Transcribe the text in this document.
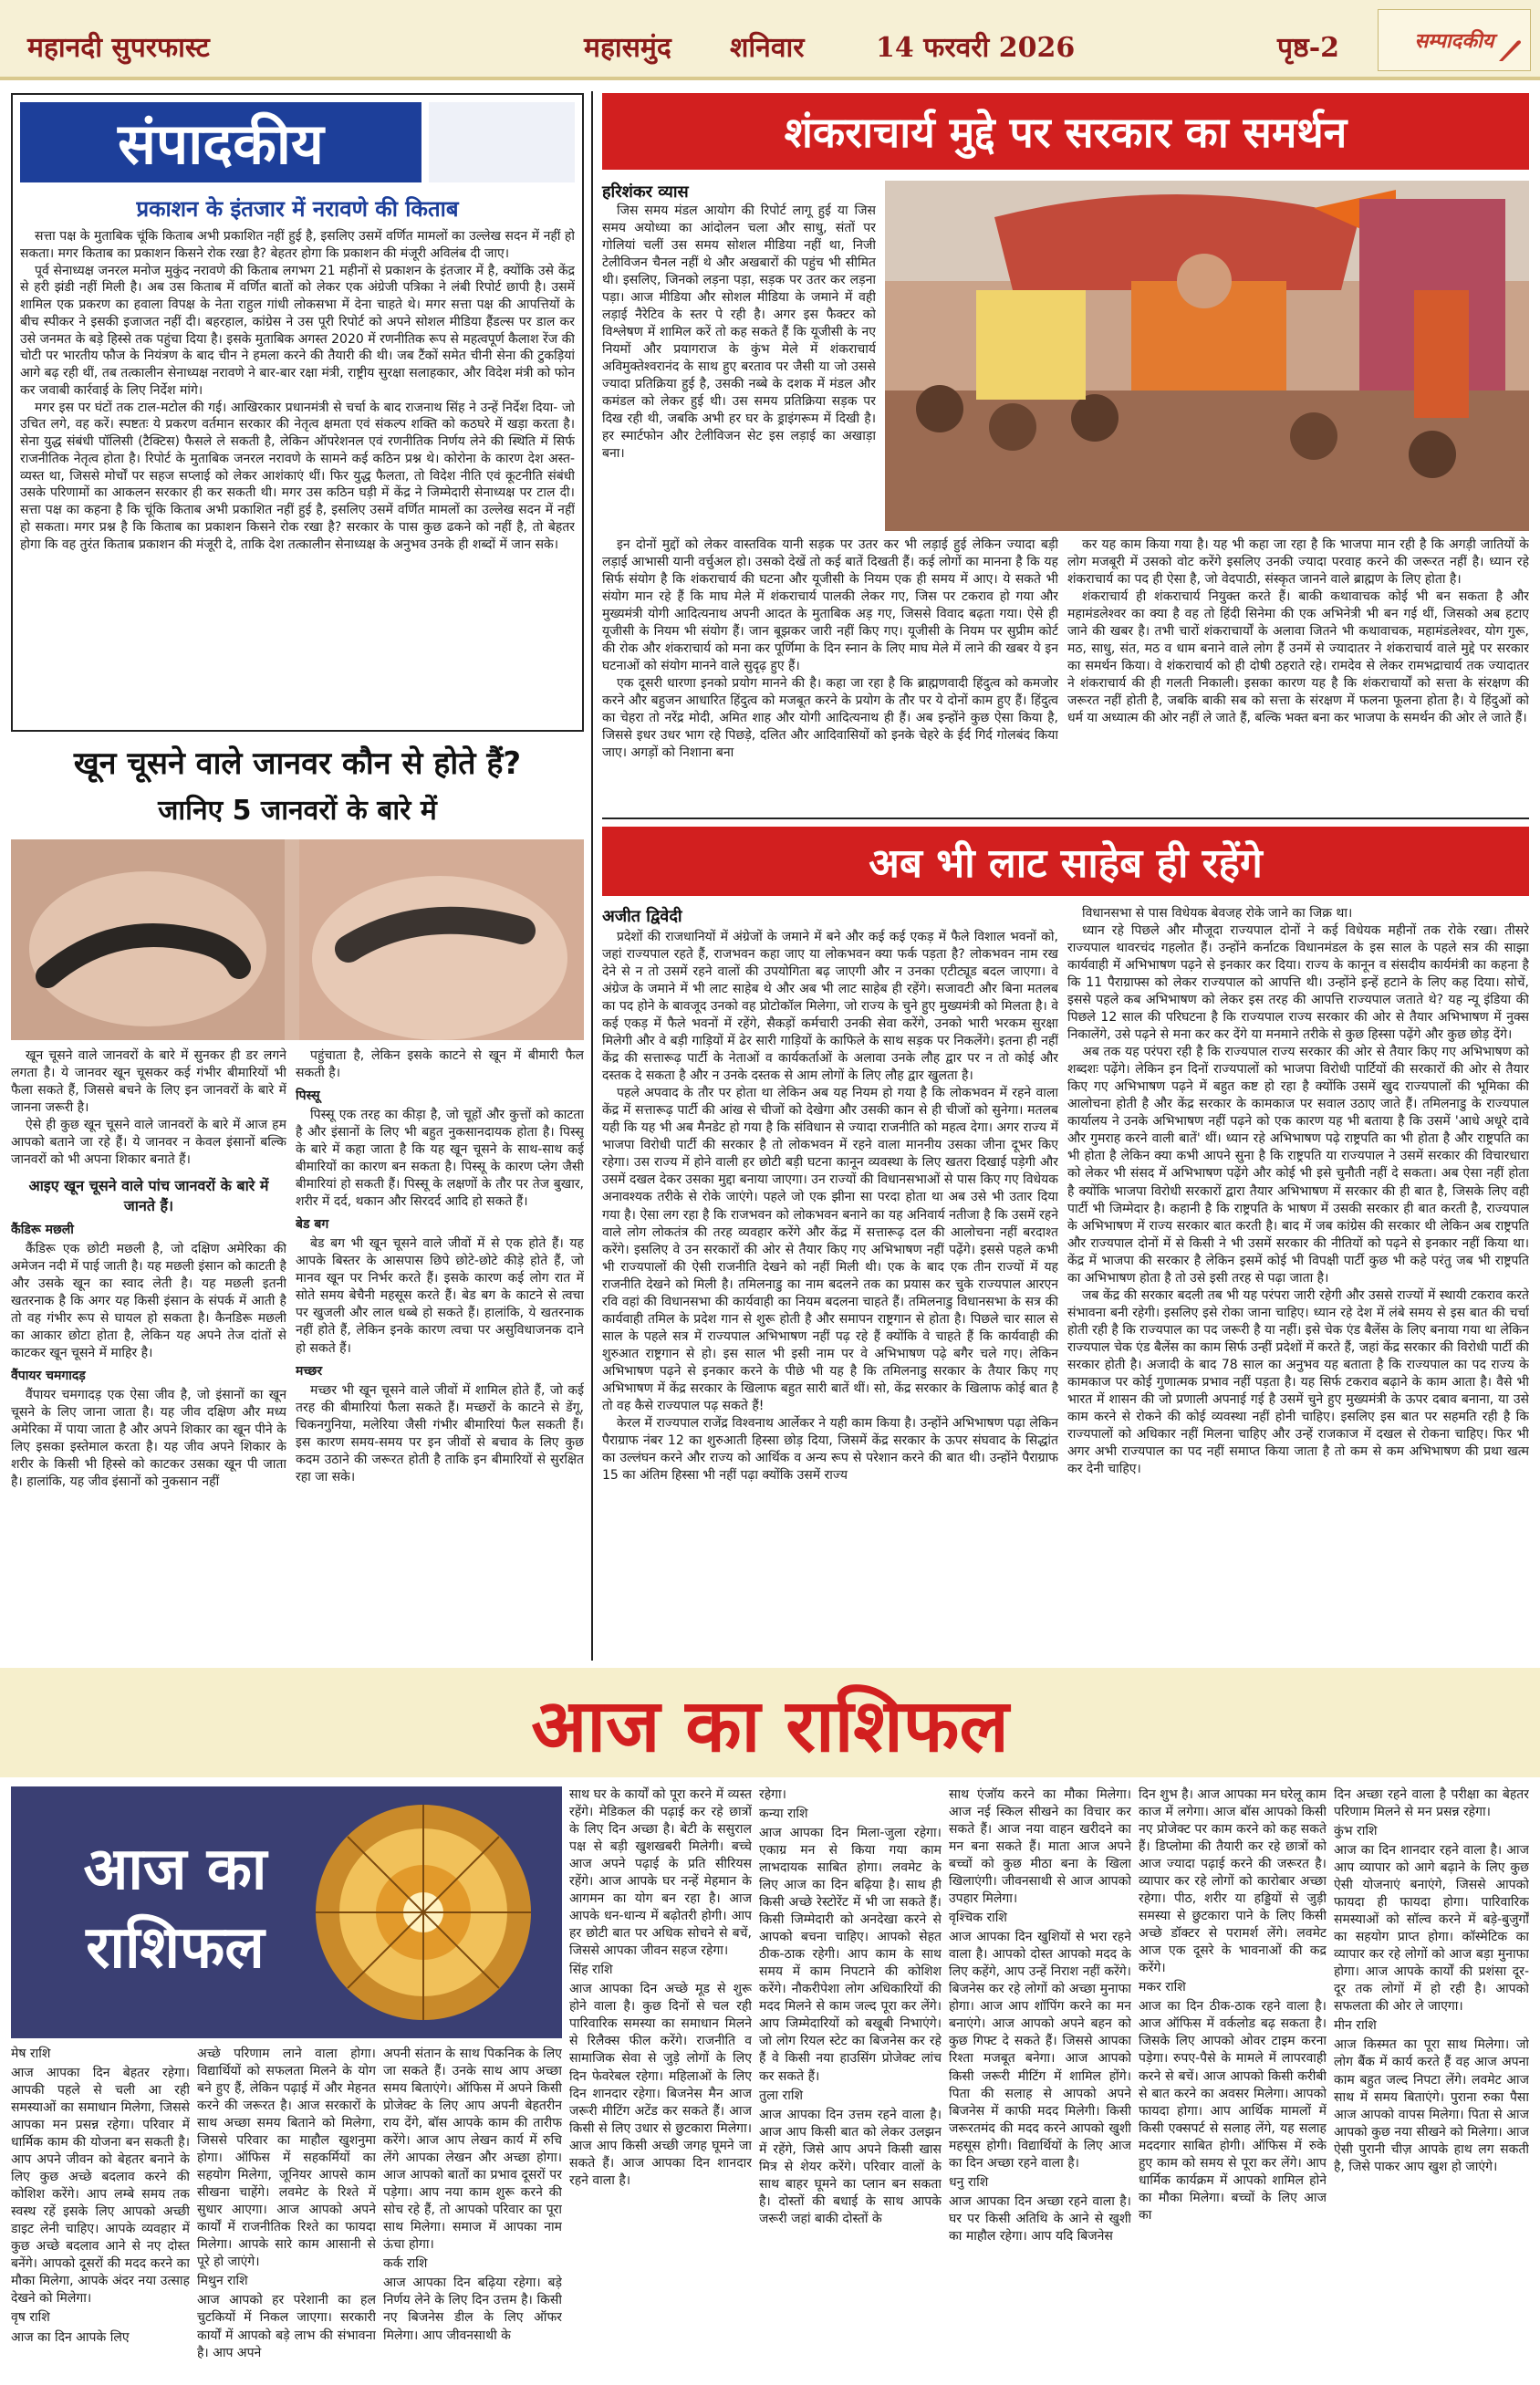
महानदी सुपरफास्ट	महासमुंद शनिवार	14 फरवरी 2026	पृष्ठ-2	सम्पादकीय
संपादकीय
प्रकाशन के इंतजार में नरावणे की किताब

सत्ता पक्ष के मुताबिक चूंकि किताब अभी प्रकाशित नहीं हुई है, इसलिए उसमें वर्णित मामलों का उल्लेख सदन में नहीं हो सकता। मगर किताब का प्रकाशन किसने रोक रखा है? बेहतर होगा कि प्रकाशन की मंजूरी अविलंब दी जाए।

पूर्व सेनाध्यक्ष जनरल मनोज मुकुंद नरावणे की किताब लगभग 21 महीनों से प्रकाशन के इंतजार में है, क्योंकि उसे केंद्र से हरी झंडी नहीं मिली है। अब उस किताब में वर्णित बातों को लेकर एक अंग्रेजी पत्रिका ने लंबी रिपोर्ट छापी है। उसमें शामिल एक प्रकरण का हवाला विपक्ष के नेता राहुल गांधी लोकसभा में देना चाहते थे। मगर सत्ता पक्ष की आपत्तियों के बीच स्पीकर ने इसकी इजाजत नहीं दी। बहरहाल, कांग्रेस ने उस पूरी रिपोर्ट को अपने सोशल मीडिया हैंडल्स पर डाल कर उसे जनमत के बड़े हिस्से तक पहुंचा दिया है। इसके मुताबिक अगस्त 2020 में रणनीतिक रूप से महत्वपूर्ण कैलाश रेंज की चोटी पर भारतीय फौज के नियंत्रण के बाद चीन ने हमला करने की तैयारी की थी। जब टैंकों समेत चीनी सेना की टुकड़ियां आगे बढ़ रही थीं, तब तत्कालीन सेनाध्यक्ष नरावणे ने बार-बार रक्षा मंत्री, राष्ट्रीय सुरक्षा सलाहकार, और विदेश मंत्री को फोन कर जवाबी कार्रवाई के लिए निर्देश मांगे।

मगर इस पर घंटों तक टाल-मटोल की गई। आखिरकार प्रधानमंत्री से चर्चा के बाद राजनाथ सिंह ने उन्हें निर्देश दिया- जो उचित लगे, वह करें। स्पष्टतः ये प्रकरण वर्तमान सरकार की नेतृत्व क्षमता एवं संकल्प शक्ति को कठघरे में खड़ा करता है। सेना युद्ध संबंधी पॉलिसी (टैक्टिस) फैसले ले सकती है, लेकिन ऑपरेशनल एवं रणनीतिक निर्णय लेने की स्थिति में सिर्फ राजनीतिक नेतृत्व होता है। रिपोर्ट के मुताबिक जनरल नरावणे के सामने कई कठिन प्रश्न थे। कोरोना के कारण देश अस्त-व्यस्त था, जिससे मोर्चों पर सहज सप्लाई को लेकर आशंकाएं थीं। फिर युद्ध फैलता, तो विदेश नीति एवं कूटनीति संबंधी उसके परिणामों का आकलन सरकार ही कर सकती थी। मगर उस कठिन घड़ी में केंद्र ने जिम्मेदारी सेनाध्यक्ष पर टाल दी। सत्ता पक्ष का कहना है कि चूंकि किताब अभी प्रकाशित नहीं हुई है, इसलिए उसमें वर्णित मामलों का उल्लेख सदन में नहीं हो सकता। मगर प्रश्न है कि किताब का प्रकाशन किसने रोक रखा है? सरकार के पास कुछ ढकने को नहीं है, तो बेहतर होगा कि वह तुरंत किताब प्रकाशन की मंजूरी दे, ताकि देश तत्कालीन सेनाध्यक्ष के अनुभव उनके ही शब्दों में जान सके।

खून चूसने वाले जानवर कौन से होते हैं?
जानिए 5 जानवरों के बारे में

खून चूसने वाले जानवरों के बारे में सुनकर ही डर लगने लगता है। ये जानवर खून चूसकर कई गंभीर बीमारियों भी फैला सकते हैं, जिससे बचने के लिए इन जानवरों के बारे में जानना जरूरी है।

ऐसे ही कुछ खून चूसने वाले जानवरों के बारे में आज हम आपको बताने जा रहे हैं। ये जानवर न केवल इंसानों बल्कि जानवरों को भी अपना शिकार बनाते हैं।

आइए खून चूसने वाले पांच जानवरों के बारे में जानते हैं।

कैंडिरू मछली

कैंडिरू एक छोटी मछली है, जो दक्षिण अमेरिका की अमेजन नदी में पाई जाती है। यह मछली इंसान को काटती है और उसके खून का स्वाद लेती है। यह मछली इतनी खतरनाक है कि अगर यह किसी इंसान के संपर्क में आती है तो वह गंभीर रूप से घायल हो सकता है। कैनडिरू मछली का आकार छोटा होता है, लेकिन यह अपने तेज दांतों से काटकर खून चूसने में माहिर है।

वैंपायर चमगादड़

वैंपायर चमगादड़ एक ऐसा जीव है, जो इंसानों का खून चूसने के लिए जाना जाता है। यह जीव दक्षिण और मध्य अमेरिका में पाया जाता है और अपने शिकार का खून पीने के लिए इसका इस्तेमाल करता है। यह जीव अपने शिकार के शरीर के किसी भी हिस्से को काटकर उसका खून पी जाता है। हालांकि, यह जीव इंसानों को नुकसान नहीं

पहुंचाता है, लेकिन इसके काटने से खून में बीमारी फैल सकती है।

पिस्सू

पिस्सू एक तरह का कीड़ा है, जो चूहों और कुत्तों को काटता है और इंसानों के लिए भी बहुत नुकसानदायक होता है। पिस्सू के बारे में कहा जाता है कि यह खून चूसने के साथ-साथ कई बीमारियों का कारण बन सकता है। पिस्सू के कारण प्लेग जैसी बीमारियां हो सकती हैं। पिस्सू के लक्षणों के तौर पर तेज बुखार, शरीर में दर्द, थकान और सिरदर्द आदि हो सकते हैं।

बेड बग

बेड बग भी खून चूसने वाले जीवों में से एक होते हैं। यह आपके बिस्तर के आसपास छिपे छोटे-छोटे कीड़े होते हैं, जो मानव खून पर निर्भर करते हैं। इसके कारण कई लोग रात में सोते समय बेचैनी महसूस करते हैं। बेड बग के काटने से त्वचा पर खुजली और लाल धब्बे हो सकते हैं। हालांकि, ये खतरनाक नहीं होते हैं, लेकिन इनके कारण त्वचा पर असुविधाजनक दाने हो सकते हैं।

मच्छर

मच्छर भी खून चूसने वाले जीवों में शामिल होते हैं, जो कई तरह की बीमारियां फैला सकते हैं। मच्छरों के काटने से डेंगू, चिकनगुनिया, मलेरिया जैसी गंभीर बीमारियां फैल सकती हैं। इस कारण समय-समय पर इन जीवों से बचाव के लिए कुछ कदम उठाने की जरूरत होती है ताकि इन बीमारियों से सुरक्षित रहा जा सके।

शंकराचार्य मुद्दे पर सरकार का समर्थन
हरिशंकर व्यास

जिस समय मंडल आयोग की रिपोर्ट लागू हुई या जिस समय अयोध्या का आंदोलन चला और साधु, संतों पर गोलियां चलीं उस समय सोशल मीडिया नहीं था, निजी टेलीविजन चैनल नहीं थे और अखबारों की पहुंच भी सीमित थी। इसलिए, जिनको लड़ना पड़ा, सड़क पर उतर कर लड़ना पड़ा। आज मीडिया और सोशल मीडिया के जमाने में वही लड़ाई नैरेटिव के स्तर पे रही है। अगर इस फैक्टर को विश्लेषण में शामिल करें तो कह सकते हैं कि यूजीसी के नए नियमों और प्रयागराज के कुंभ मेले में शंकराचार्य अविमुक्तेश्वरानंद के साथ हुए बरताव पर जैसी या जो उससे ज्यादा प्रतिक्रिया हुई है, उसकी नब्बे के दशक में मंडल और कमंडल को लेकर हुई थी। उस समय प्रतिक्रिया सड़क पर दिख रही थी, जबकि अभी हर घर के ड्राइंगरूम में दिखी है। हर स्मार्टफोन और टेलीविजन सेट इस लड़ाई का अखाड़ा बना।

इन दोनों मुद्दों को लेकर वास्तविक यानी सड़क पर उतर कर भी लड़ाई हुई लेकिन ज्यादा बड़ी लड़ाई आभासी यानी वर्चुअल हो। उसको देखें तो कई बातें दिखती हैं। कई लोगों का मानना है कि यह सिर्फ संयोग है कि शंकराचार्य की घटना और यूजीसी के नियम एक ही समय में आए। ये सकते भी संयोग मान रहे हैं कि माघ मेले में शंकराचार्य पालकी लेकर गए, जिस पर टकराव हो गया और मुख्यमंत्री योगी आदित्यनाथ अपनी आदत के मुताबिक अड़ गए, जिससे विवाद बढ़ता गया। ऐसे ही यूजीसी के नियम भी संयोग हैं। जान बूझकर जारी नहीं किए गए। यूजीसी के नियम पर सुप्रीम कोर्ट की रोक और शंकराचार्य को मना कर पूर्णिमा के दिन स्नान के लिए माघ मेले में लाने की खबर ये इन घटनाओं को संयोग मानने वाले सुदृढ़ हुए हैं।

एक दूसरी धारणा इनको प्रयोग मानने की है। कहा जा रहा है कि ब्राह्मणवादी हिंदुत्व को कमजोर करने और बहुजन आधारित हिंदुत्व को मजबूत करने के प्रयोग के तौर पर ये दोनों काम हुए हैं। हिंदुत्व का चेहरा तो नरेंद्र मोदी, अमित शाह और योगी आदित्यनाथ ही हैं। अब इन्होंने कुछ ऐसा किया है, जिससे इधर उधर भाग रहे पिछड़े, दलित और आदिवासियों को इनके चेहरे के ईर्द गिर्द गोलबंद किया जाए। अगड़ों को निशाना बना

कर यह काम किया गया है। यह भी कहा जा रहा है कि भाजपा मान रही है कि अगड़ी जातियों के लोग मजबूरी में उसको वोट करेंगे इसलिए उनकी ज्यादा परवाह करने की जरूरत नहीं है। ध्यान रहे शंकराचार्य का पद ही ऐसा है, जो वेदपाठी, संस्कृत जानने वाले ब्राह्मण के लिए होता है।

शंकराचार्य ही शंकराचार्य नियुक्त करते हैं। बाकी कथावाचक कोई भी बन सकता है और महामंडलेश्वर का क्या है वह तो हिंदी सिनेमा की एक अभिनेत्री भी बन गई थीं, जिसको अब हटाए जाने की खबर है। तभी चारों शंकराचार्यों के अलावा जितने भी कथावाचक, महामंडलेश्वर, योग गुरू, मठ, साधु, संत, मठ व धाम बनाने वाले लोग हैं उनमें से ज्यादातर ने शंकराचार्य वाले मुद्दे पर सरकार का समर्थन किया। वे शंकराचार्य को ही दोषी ठहराते रहे। रामदेव से लेकर रामभद्राचार्य तक ज्यादातर ने शंकराचार्य की ही गलती निकाली। इसका कारण यह है कि शंकराचार्यों को सत्ता के संरक्षण की जरूरत नहीं होती है, जबकि बाकी सब को सत्ता के संरक्षण में फलना फूलना होता है। ये हिंदुओं को धर्म या अध्यात्म की ओर नहीं ले जाते हैं, बल्कि भक्त बना कर भाजपा के समर्थन की ओर ले जाते हैं।

अब भी लाट साहेब ही रहेंगे
अजीत द्विवेदी

प्रदेशों की राजधानियों में अंग्रेजों के जमाने में बने और कई कई एकड़ में फैले विशाल भवनों को, जहां राज्यपाल रहते हैं, राजभवन कहा जाए या लोकभवन क्या फर्क पड़ता है? लोकभवन नाम रख देने से न तो उसमें रहने वालों की उपयोगिता बढ़ जाएगी और न उनका एटीट्यूड बदल जाएगा। वे अंग्रेज के जमाने में भी लाट साहेब थे और अब भी लाट साहेब ही रहेंगे। सजावटी और बिना मतलब का पद होने के बावजूद उनको वह प्रोटोकॉल मिलेगा, जो राज्य के चुने हुए मुख्यमंत्री को मिलता है। वे कई एकड़ में फैले भवनों में रहेंगे, सैकड़ों कर्मचारी उनकी सेवा करेंगे, उनको भारी भरकम सुरक्षा मिलेगी और वे बड़ी गाड़ियों में ढेर सारी गाड़ियों के काफिले के साथ सड़क पर निकलेंगे। इतना ही नहीं केंद्र की सत्तारूढ़ पार्टी के नेताओं व कार्यकर्ताओं के अलावा उनके लौह द्वार पर न तो कोई और दस्तक दे सकता है और न उनके दस्तक से आम लोगों के लिए लौह द्वार खुलता है।

पहले अपवाद के तौर पर होता था लेकिन अब यह नियम हो गया है कि लोकभवन में रहने वाला केंद्र में सत्तारूढ़ पार्टी की आंख से चीजों को देखेगा और उसकी कान से ही चीजों को सुनेगा। मतलब यही कि यह भी अब मैनडेट हो गया है कि संविधान से ज्यादा राजनीति को महत्व देगा। अगर राज्य में भाजपा विरोधी पार्टी की सरकार है तो लोकभवन में रहने वाला माननीय उसका जीना दूभर किए रहेगा। उस राज्य में होने वाली हर छोटी बड़ी घटना कानून व्यवस्था के लिए खतरा दिखाई पड़ेगी और उसमें दखल देकर उसका मुद्दा बनाया जाएगा। उन राज्यों की विधानसभाओं से पास किए गए विधेयक अनावश्यक तरीके से रोके जाएंगे। पहले जो एक झीना सा परदा होता था अब उसे भी उतार दिया गया है। ऐसा लग रहा है कि राजभवन को लोकभवन बनाने का यह अनिवार्य नतीजा है कि उसमें रहने वाले लोग लोकतंत्र की तरह व्यवहार करेंगे और केंद्र में सत्तारूढ़ दल की आलोचना नहीं बरदाश्त करेंगे। इसलिए वे उन सरकारों की ओर से तैयार किए गए अभिभाषण नहीं पढ़ेंगे। इससे पहले कभी भी राज्यपालों की ऐसी राजनीति देखने को नहीं मिली थी। एक के बाद एक तीन राज्यों में यह राजनीति देखने को मिली है। तमिलनाडु का नाम बदलने तक का प्रयास कर चुके राज्यपाल आरएन रवि वहां की विधानसभा की कार्यवाही का नियम बदलना चाहते हैं। तमिलनाडु विधानसभा के सत्र की कार्यवाही तमिल के प्रदेश गान से शुरू होती है और समापन राष्ट्रगान से होता है। पिछले चार साल से साल के पहले सत्र में राज्यपाल अभिभाषण नहीं पढ़ रहे हैं क्योंकि वे चाहते हैं कि कार्यवाही की शुरुआत राष्ट्रगान से हो। इस साल भी इसी नाम पर वे अभिभाषण पढ़े बगैर चले गए। लेकिन अभिभाषण पढ़ने से इनकार करने के पीछे भी यह है कि तमिलनाडु सरकार के तैयार किए गए अभिभाषण में केंद्र सरकार के खिलाफ बहुत सारी बातें थीं। सो, केंद्र सरकार के खिलाफ कोई बात है तो वह कैसे राज्यपाल पढ़ सकते हैं!

केरल में राज्यपाल राजेंद्र विश्वनाथ आर्लेकर ने यही काम किया है। उन्होंने अभिभाषण पढ़ा लेकिन पैराग्राफ नंबर 12 का शुरुआती हिस्सा छोड़ दिया, जिसमें केंद्र सरकार के ऊपर संघवाद के सिद्धांत का उल्लंघन करने और राज्य को आर्थिक व अन्य रूप से परेशान करने की बात थी। उन्होंने पैराग्राफ 15 का अंतिम हिस्सा भी नहीं पढ़ा क्योंकि उसमें राज्य

विधानसभा से पास विधेयक बेवजह रोके जाने का जिक्र था।

ध्यान रहे पिछले और मौजूदा राज्यपाल दोनों ने कई विधेयक महीनों तक रोके रखा। तीसरे राज्यपाल थावरचंद गहलोत हैं। उन्होंने कर्नाटक विधानमंडल के इस साल के पहले सत्र की साझा कार्यवाही में अभिभाषण पढ़ने से इनकार कर दिया। राज्य के कानून व संसदीय कार्यमंत्री का कहना है कि 11 पैराग्राफ्स को लेकर राज्यपाल को आपत्ति थी। उन्होंने इन्हें हटाने के लिए कह दिया। सोचें, इससे पहले कब अभिभाषण को लेकर इस तरह की आपत्ति राज्यपाल जताते थे? यह न्यू इंडिया की पिछले 12 साल की परिघटना है कि राज्यपाल राज्य सरकार की ओर से तैयार अभिभाषण में नुक्स निकालेंगे, उसे पढ़ने से मना कर कर देंगे या मनमाने तरीके से कुछ हिस्सा पढ़ेंगे और कुछ छोड़ देंगे।

अब तक यह परंपरा रही है कि राज्यपाल राज्य सरकार की ओर से तैयार किए गए अभिभाषण को शब्दशः पढ़ेंगे। लेकिन इन दिनों राज्यपालों को भाजपा विरोधी पार्टियों की सरकारों की ओर से तैयार किए गए अभिभाषण पढ़ने में बहुत कष्ट हो रहा है क्योंकि उसमें खुद राज्यपालों की भूमिका की आलोचना होती है और केंद्र सरकार के कामकाज पर सवाल उठाए जाते हैं। तमिलनाडु के राज्यपाल कार्यालय ने उनके अभिभाषण नहीं पढ़ने को एक कारण यह भी बताया है कि उसमें 'आधे अधूरे दावे और गुमराह करने वाली बातें' थीं। ध्यान रहे अभिभाषण पढ़े राष्ट्रपति का भी होता है और राष्ट्रपति का भी होता है लेकिन क्या कभी आपने सुना है कि राष्ट्रपति या राज्यपाल ने उसमें सरकार की विचारधारा को लेकर भी संसद में अभिभाषण पढ़ेंगे और कोई भी इसे चुनौती नहीं दे सकता। अब ऐसा नहीं होता है क्योंकि भाजपा विरोधी सरकारों द्वारा तैयार अभिभाषण में सरकार की ही बात है, जिसके लिए वही पार्टी भी जिम्मेदार है। कहानी है कि राष्ट्रपति के भाषण में उसकी सरकार ही बात करती है, राज्यपाल के अभिभाषण में राज्य सरकार बात करती है। बाद में जब कांग्रेस की सरकार थी लेकिन अब राष्ट्रपति और राज्यपाल दोनों में से किसी ने भी उसमें सरकार की नीतियों को पढ़ने से इनकार नहीं किया था। केंद्र में भाजपा की सरकार है लेकिन इसमें कोई भी विपक्षी पार्टी कुछ भी कहे परंतु जब भी राष्ट्रपति का अभिभाषण होता है तो उसे इसी तरह से पढ़ा जाता है।

जब केंद्र की सरकार बदली तब भी यह परंपरा जारी रहेगी और उससे राज्यों में स्थायी टकराव करते संभावना बनी रहेगी। इसलिए इसे रोका जाना चाहिए। ध्यान रहे देश में लंबे समय से इस बात की चर्चा होती रही है कि राज्यपाल का पद जरूरी है या नहीं। इसे चेक एंड बैलेंस के लिए बनाया गया था लेकिन राज्यपाल चेक एंड बैलेंस का काम सिर्फ उन्हीं प्रदेशों में करते हैं, जहां केंद्र सरकार की विरोधी पार्टी की सरकार होती है। अजादी के बाद 78 साल का अनुभव यह बताता है कि राज्यपाल का पद राज्य के कामकाज पर कोई गुणात्मक प्रभाव नहीं पड़ता है। यह सिर्फ टकराव बढ़ाने के काम आता है। वैसे भी भारत में शासन की जो प्रणाली अपनाई गई है उसमें चुने हुए मुख्यमंत्री के ऊपर दबाव बनाना, या उसे काम करने से रोकने की कोई व्यवस्था नहीं होनी चाहिए। इसलिए इस बात पर सहमति रही है कि राज्यपालों को अधिकार नहीं मिलना चाहिए और उन्हें राजकाज में दखल से रोकना चाहिए। फिर भी अगर अभी राज्यपाल का पद नहीं समाप्त किया जाता है तो कम से कम अभिभाषण की प्रथा खत्म कर देनी चाहिए।

आज का राशिफल
आज का
राशिफल

मेष राशि

आज आपका दिन बेहतर रहेगा। आपकी पहले से चली आ रही समस्याओं का समाधान मिलेगा, जिससे आपका मन प्रसन्न रहेगा। परिवार में धार्मिक काम की योजना बन सकती है। आप अपने जीवन को बेहतर बनाने के लिए कुछ अच्छे बदलाव करने की कोशिश करेंगे। आप लम्बे समय तक स्वस्थ रहें इसके लिए आपको अच्छी डाइट लेनी चाहिए। आपके व्यवहार में कुछ अच्छे बदलाव आने से नए दोस्त बनेंगे। आपको दूसरों की मदद करने का मौका मिलेगा, आपके अंदर नया उत्साह देखने को मिलेगा।

वृष राशि

आज का दिन आपके लिए

अच्छे परिणाम लाने वाला होगा। विद्यार्थियों को सफलता मिलने के योग बने हुए हैं, लेकिन पढ़ाई में और मेहनत करने की जरूरत है। आज सरकारों के साथ अच्छा समय बिताने को मिलेगा, जिससे परिवार का माहौल खुशनुमा होगा। ऑफिस में सहकर्मियों का सहयोग मिलेगा, जूनियर आपसे काम सीखना चाहेंगे। लवमेट के रिश्ते में सुधार आएगा। आज आपको अपने कार्यों में राजनीतिक रिश्ते का फायदा मिलेगा। आपके सारे काम आसानी से पूरे हो जाएंगे।

मिथुन राशि

आज आपको हर परेशानी का हल चुटकियों में निकल जाएगा। सरकारी कार्यों में आपको बड़े लाभ की संभावना है। आप अपने

अपनी संतान के साथ पिकनिक के लिए जा सकते हैं। उनके साथ आप अच्छा समय बिताएंगे। ऑफिस में अपने किसी प्रोजेक्ट के लिए आप अपनी बेहतरीन राय देंगे, बॉस आपके काम की तारीफ करेंगे। आज आप लेखन कार्य में रुचि लेंगे आपका लेखन और अच्छा होगा। आज आपको बातों का प्रभाव दूसरों पर पड़ेगा। आप नया काम शुरू करने की सोच रहे हैं, तो आपको परिवार का पूरा साथ मिलेगा। समाज में आपका नाम ऊंचा होगा।

कर्क राशि

आज आपका दिन बढ़िया रहेगा। बड़े निर्णय लेने के लिए दिन उत्तम है। किसी नए बिजनेस डील के लिए ऑफर मिलेगा। आप जीवनसाथी के

साथ घर के कार्यों को पूरा करने में व्यस्त रहेंगे। मेडिकल की पढ़ाई कर रहे छात्रों के लिए दिन अच्छा है। बेटी के ससुराल पक्ष से बड़ी खुशखबरी मिलेगी। बच्चे आज अपने पढ़ाई के प्रति सीरियस रहेंगे। आज आपके घर नन्हें मेहमान के आगमन का योग बन रहा है। आज आपके धन-धान्य में बढ़ोतरी होगी। आप हर छोटी बात पर अधिक सोचने से बचें, जिससे आपका जीवन सहज रहेगा।

सिंह राशि

आज आपका दिन अच्छे मूड से शुरू होने वाला है। कुछ दिनों से चल रही पारिवारिक समस्या का समाधान मिलने से रिलैक्स फील करेंगे। राजनीति व सामाजिक सेवा से जुड़े लोगों के लिए दिन फेवरेबल रहेगा। महिलाओं के लिए दिन शानदार रहेगा। बिजनेस मैन आज जरूरी मीटिंग अटेंड कर सकते हैं। आज किसी से लिए उधार से छुटकारा मिलेगा। आज आप किसी अच्छी जगह घूमने जा सकते हैं। आज आपका दिन शानदार रहने वाला है।

रहेगा।

कन्या राशि

आज आपका दिन मिला-जुला रहेगा। एकाग्र मन से किया गया काम लाभदायक साबित होगा। लवमेट के लिए आज का दिन बढ़िया है। साथ ही किसी अच्छे रेस्टोरेंट में भी जा सकते हैं। किसी जिम्मेदारी को अनदेखा करने से आपको बचना चाहिए। आपको सेहत ठीक-ठाक रहेगी। आप काम के साथ समय में काम निपटाने की कोशिश करेंगे। नौकरीपेशा लोग अधिकारियों की मदद मिलने से काम जल्द पूरा कर लेंगे। आप जिम्मेदारियों को बखूबी निभाएंगे। जो लोग रियल स्टेट का बिजनेस कर रहे हैं वे किसी नया हाउसिंग प्रोजेक्ट लांच कर सकते हैं।

तुला राशि

आज आपका दिन उत्तम रहने वाला है। आज आप किसी बात को लेकर उलझन में रहेंगे, जिसे आप अपने किसी खास मित्र से शेयर करेंगे। परिवार वालों के साथ बाहर घूमने का प्लान बन सकता है। दोस्तों की बधाई के साथ आपके जरूरी जहां बाकी दोस्तों के

साथ एंजॉय करने का मौका मिलेगा। आज नई स्किल सीखने का विचार कर सकते हैं। आज नया वाहन खरीदने का मन बना सकते हैं। माता आज अपने बच्चों को कुछ मीठा बना के खिला खिलाएंगी। जीवनसाथी से आज आपको उपहार मिलेगा।

वृश्चिक राशि

आज आपका दिन खुशियों से भरा रहने वाला है। आपको दोस्त आपको मदद के लिए कहेंगे, आप उन्हें निराश नहीं करेंगे। बिजनेस कर रहे लोगों को अच्छा मुनाफा होगा। आज आप शॉपिंग करने का मन बनाएंगे। आज आपको अपने बहन को कुछ गिफ्ट दे सकते हैं। जिससे आपका रिश्ता मजबूत बनेगा। आज आपको किसी जरूरी मीटिंग में शामिल होंगे। पिता की सलाह से आपको अपने बिजनेस में काफी मदद मिलेगी। किसी जरूरतमंद की मदद करने आपको खुशी महसूस होगी। विद्यार्थियों के लिए आज का दिन अच्छा रहने वाला है।

धनु राशि

आज आपका दिन अच्छा रहने वाला है। घर पर किसी अतिथि के आने से खुशी का माहौल रहेगा। आप यदि बिजनेस

दिन शुभ है। आज आपका मन घरेलू काम काज में लगेगा। आज बॉस आपको किसी नए प्रोजेक्ट पर काम करने को कह सकते हैं। डिप्लोमा की तैयारी कर रहे छात्रों को आज ज्यादा पढ़ाई करने की जरूरत है। व्यापार कर रहे लोगों को कारोबार अच्छा रहेगा। पीठ, शरीर या हड्डियों से जुड़ी समस्या से छुटकारा पाने के लिए किसी अच्छे डॉक्टर से परामर्श लेंगे। लवमेट आज एक दूसरे के भावनाओं की कद्र करेंगे।

मकर राशि

आज का दिन ठीक-ठाक रहने वाला है। आज ऑफिस में वर्कलोड बढ़ सकता है। जिसके लिए आपको ओवर टाइम करना पड़ेगा। रुपए-पैसे के मामले में लापरवाही करने से बचें। आज आपको किसी करीबी से बात करने का अवसर मिलेगा। आपको फायदा होगा। आप आर्थिक मामलों में किसी एक्सपर्ट से सलाह लेंगे, यह सलाह मददगार साबित होगी। ऑफिस में रुके हुए काम को समय से पूरा कर लेंगे। आप धार्मिक कार्यक्रम में आपको शामिल होने का मौका मिलेगा। बच्चों के लिए आज का

दिन अच्छा रहने वाला है परीक्षा का बेहतर परिणाम मिलने से मन प्रसन्न रहेगा।

कुंभ राशि

आज का दिन शानदार रहने वाला है। आज आप व्यापार को आगे बढ़ाने के लिए कुछ ऐसी योजनाएं बनाएंगे, जिससे आपको फायदा ही फायदा होगा। पारिवारिक समस्याओं को सॉल्व करने में बड़े-बुजुर्गों का सहयोग प्राप्त होगा। कॉस्मेटिक का व्यापार कर रहे लोगों को आज बड़ा मुनाफा होगा। आज आपके कार्यों की प्रशंसा दूर-दूर तक लोगों में हो रही है। आपको सफलता की ओर ले जाएगा।

मीन राशि

आज किस्मत का पूरा साथ मिलेगा। जो लोग बैंक में कार्य करते हैं वह आज अपना काम बहुत जल्द निपटा लेंगे। लवमेट आज साथ में समय बिताएंगे। पुराना रुका पैसा आज आपको वापस मिलेगा। पिता से आज आपको कुछ नया सीखने को मिलेगा। आज ऐसी पुरानी चीज़ आपके हाथ लग सकती है, जिसे पाकर आप खुश हो जाएंगे।
